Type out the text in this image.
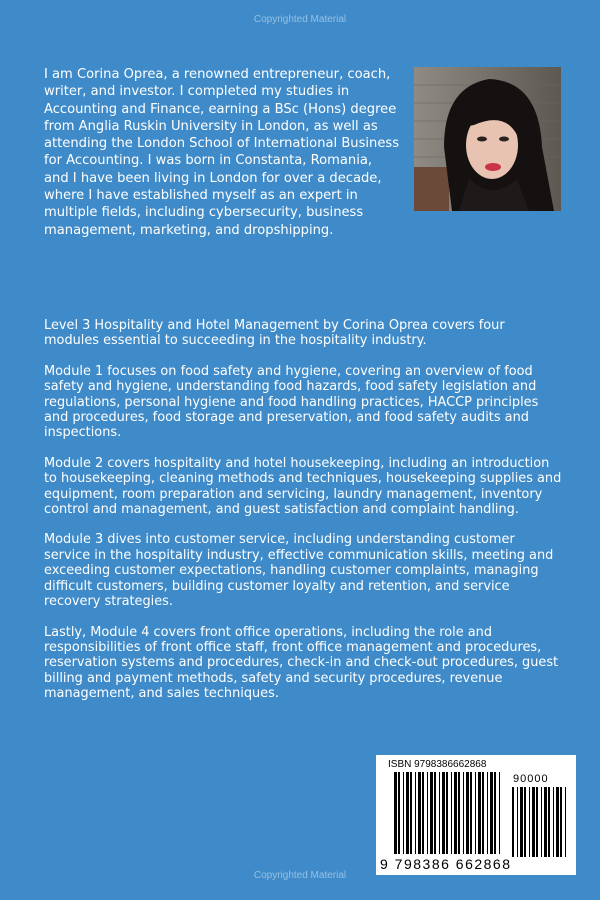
Copyrighted Material

I am Corina Oprea, a renowned entrepreneur, coach, writer, and investor. I completed my studies in Accounting and Finance, earning a BSc (Hons) degree from Anglia Ruskin University in London, as well as attending the London School of International Business for Accounting. I was born in Constanta, Romania, and I have been living in London for over a decade, where I have established myself as an expert in multiple fields, including cybersecurity, business management, marketing, and dropshipping.

Level 3 Hospitality and Hotel Management by Corina Oprea covers four modules essential to succeeding in the hospitality industry.

Module 1 focuses on food safety and hygiene, covering an overview of food safety and hygiene, understanding food hazards, food safety legislation and regulations, personal hygiene and food handling practices, HACCP principles and procedures, food storage and preservation, and food safety audits and inspections.

Module 2 covers hospitality and hotel housekeeping, including an introduction to housekeeping, cleaning methods and techniques, housekeeping supplies and equipment, room preparation and servicing, laundry management, inventory control and management, and guest satisfaction and complaint handling.

Module 3 dives into customer service, including understanding customer service in the hospitality industry, effective communication skills, meeting and exceeding customer expectations, handling customer complaints, managing difficult customers, building customer loyalty and retention, and service recovery strategies.

Lastly, Module 4 covers front office operations, including the role and responsibilities of front office staff, front office management and procedures, reservation systems and procedures, check-in and check-out procedures, guest billing and payment methods, safety and security procedures, revenue management, and sales techniques.

ISBN 9798386662868
90000
9 798386 662868
Copyrighted Material
